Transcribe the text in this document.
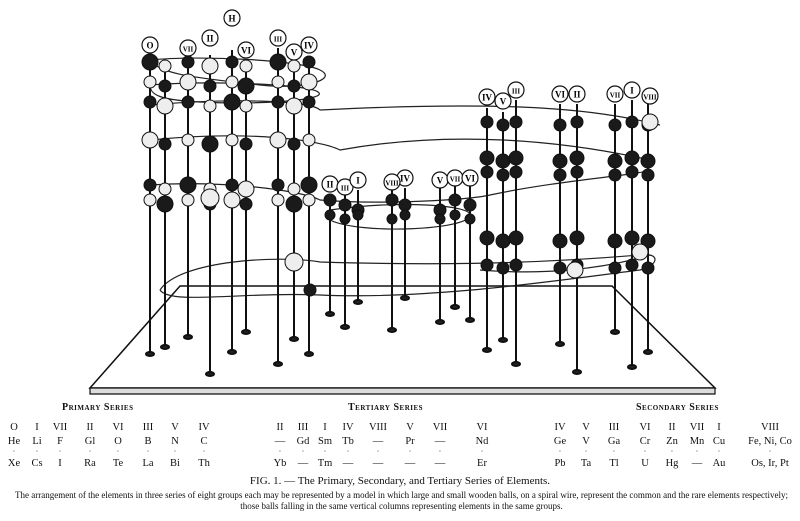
O	VII
II
H
VI
III
V
IV
II III
I	IV
VIII	V VII VI
IV V
III	VI II	VII I
VIII
Primary Series	Tertiary Series	Secondary Series
O I VII II VI III V IV
He Li F Gl O B N C
·	·	·	·	·	·	·	·
Xe Cs I Ra Te La Bi Th
II III I IV VIII V VII	VI
— Gd Sm Tb — Pr —	Nd
·	· ·	·	·	·	·	·
Yb — Tm — — — —	Er
IV V III VI II VII I	VIII
Ge V Ga Cr Zn Mn Cu Fe, Ni, Co
·	·	·	·	·	· ·	·
Pb Ta Tl U Hg — Au Os, Ir, Pt
FIG. 1. — The Primary, Secondary, and Tertiary Series of Elements.
The arrangement of the elements in three series of eight groups each may be represented by a model in which large and small wooden balls, on a spiral wire, represent the common and the rare elements respectively; those balls falling in the same vertical columns representing elements in the same groups.
